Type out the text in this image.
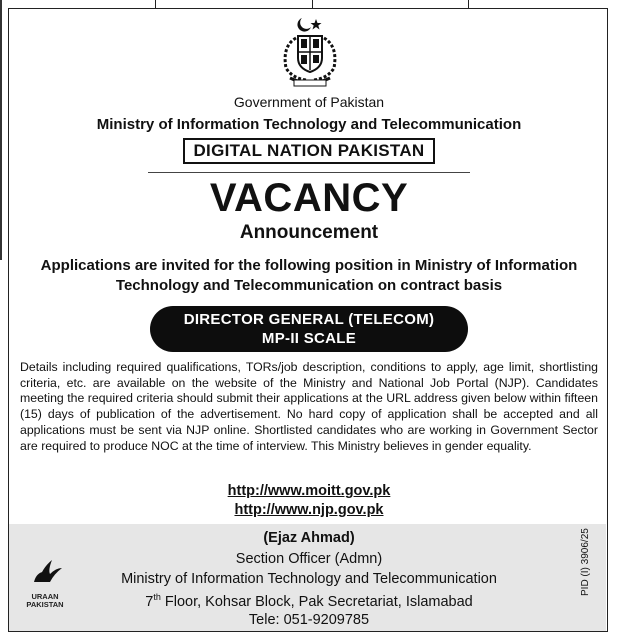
Government of Pakistan
Ministry of Information Technology and Telecommunication
DIGITAL NATION PAKISTAN
VACANCY
Announcement
Applications are invited for the following position in Ministry of Information Technology and Telecommunication on contract basis
DIRECTOR GENERAL (TELECOM)
MP-II SCALE
Details including required qualifications, TORs/job description, conditions to apply, age limit, shortlisting criteria, etc. are available on the website of the Ministry and National Job Portal (NJP). Candidates meeting the required criteria should submit their applications at the URL address given below within fifteen (15) days of publication of the advertisement. No hard copy of application shall be accepted and all applications must be sent via NJP online. Shortlisted candidates who are working in Government Sector are required to produce NOC at the time of interview. This Ministry believes in gender equality.
http://www.moitt.gov.pk
http://www.njp.gov.pk
URAAN PAKISTAN
(Ejaz Ahmad)
Section Officer (Admn)
Ministry of Information Technology and Telecommunication
7th Floor, Kohsar Block, Pak Secretariat, Islamabad
Tele: 051-9209785
PID (I) 3906/25
